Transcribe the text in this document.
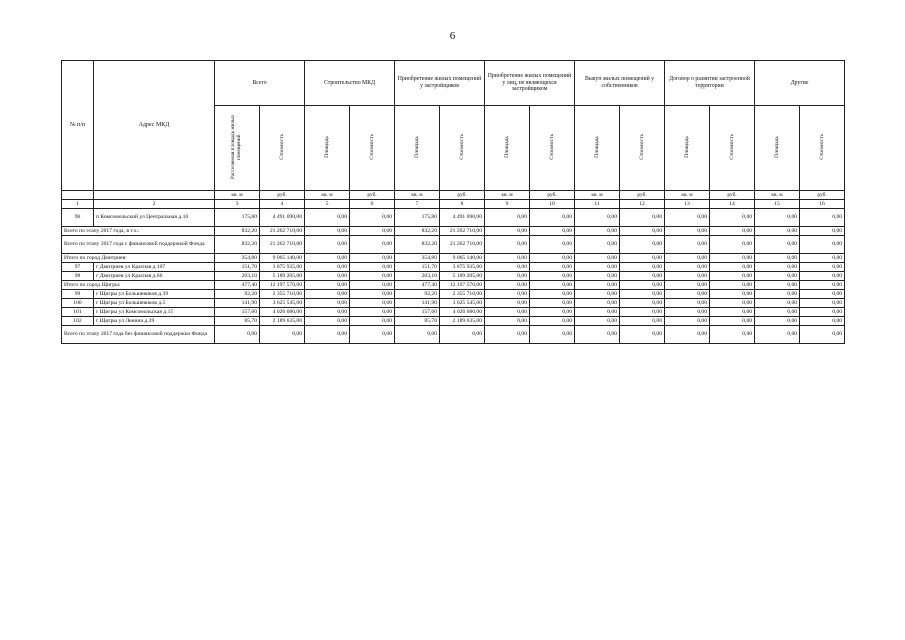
6
№ п/п	Адрес МКД	Всего		Строительство МКД		Приобретение жилых помещений у застройщиков		Приобретение жилых помещений у лиц, не являющихся застройщиком		Выкуп жилых помещений у собственников		Договор о развитии застроенной территории		Другие	
		Расселяемая площадь жилых помещений	Стоимость	Площадь	Стоимость	Площадь	Стоимость	Площадь	Стоимость	Площадь	Стоимость	Площадь	Стоимость	Площадь	Стоимость
		кв. м	руб.	кв. м	руб.	кв. м	руб.	кв. м	руб.	кв. м	руб.	кв. м	руб.	кв. м	руб.
1	2	3	4	5	6	7	8	9	10	11	12	13	14	15	16
96	п Комсомольский ул Центральная д.10	175,80	4 491 690,00	0,00	0,00	175,80	4 491 690,00	0,00	0,00	0,00	0,00	0,00	0,00	0,00	0,00
Всего по этапу 2017 года, в т.ч.:		832,20	21 262 710,00	0,00	0,00	832,20	21 262 710,00	0,00	0,00	0,00	0,00	0,00	0,00	0,00	0,00
Всего по этапу 2017 года с финансовой поддержкой Фонда		832,20	21 262 710,00	0,00	0,00	832,20	21 262 710,00	0,00	0,00	0,00	0,00	0,00	0,00	0,00	0,00
Итого по город Дмитриев:		354,80	9 065 140,00	0,00	0,00	354,80	9 065 140,00	0,00	0,00	0,00	0,00	0,00	0,00	0,00	0,00
97	г Дмитриев ул Красная д.107	151,70	3 875 935,00	0,00	0,00	151,70	3 875 935,00	0,00	0,00	0,00	0,00	0,00	0,00	0,00	0,00
98	г Дмитриев ул Красная д.66	203,10	5 189 205,00	0,00	0,00	203,10	5 189 205,00	0,00	0,00	0,00	0,00	0,00	0,00	0,00	0,00
Итого по город Щигры:		477,40	12 197 570,00	0,00	0,00	477,40	12 197 570,00	0,00	0,00	0,00	0,00	0,00	0,00	0,00	0,00
99	г Щигры ул Большевиков д.39	92,20	2 355 710,00	0,00	0,00	92,20	2 355 710,00	0,00	0,00	0,00	0,00	0,00	0,00	0,00	0,00
100	г Щигры ул Большевиков д.5	141,90	3 625 545,00	0,00	0,00	141,90	3 625 545,00	0,00	0,00	0,00	0,00	0,00	0,00	0,00	0,00
101	г Щигры ул Комсомольская д.15	157,60	4 026 680,00	0,00	0,00	157,60	4 026 680,00	0,00	0,00	0,00	0,00	0,00	0,00	0,00	0,00
102	г Щигры ул Ленина д.39	85,70	2 189 635,00	0,00	0,00	85,70	2 189 635,00	0,00	0,00	0,00	0,00	0,00	0,00	0,00	0,00
Всего по этапу 2017 года без финансовой поддержки Фонда		0,00	0,00	0,00	0,00	0,00	0,00	0,00	0,00	0,00	0,00	0,00	0,00	0,00	0,00
